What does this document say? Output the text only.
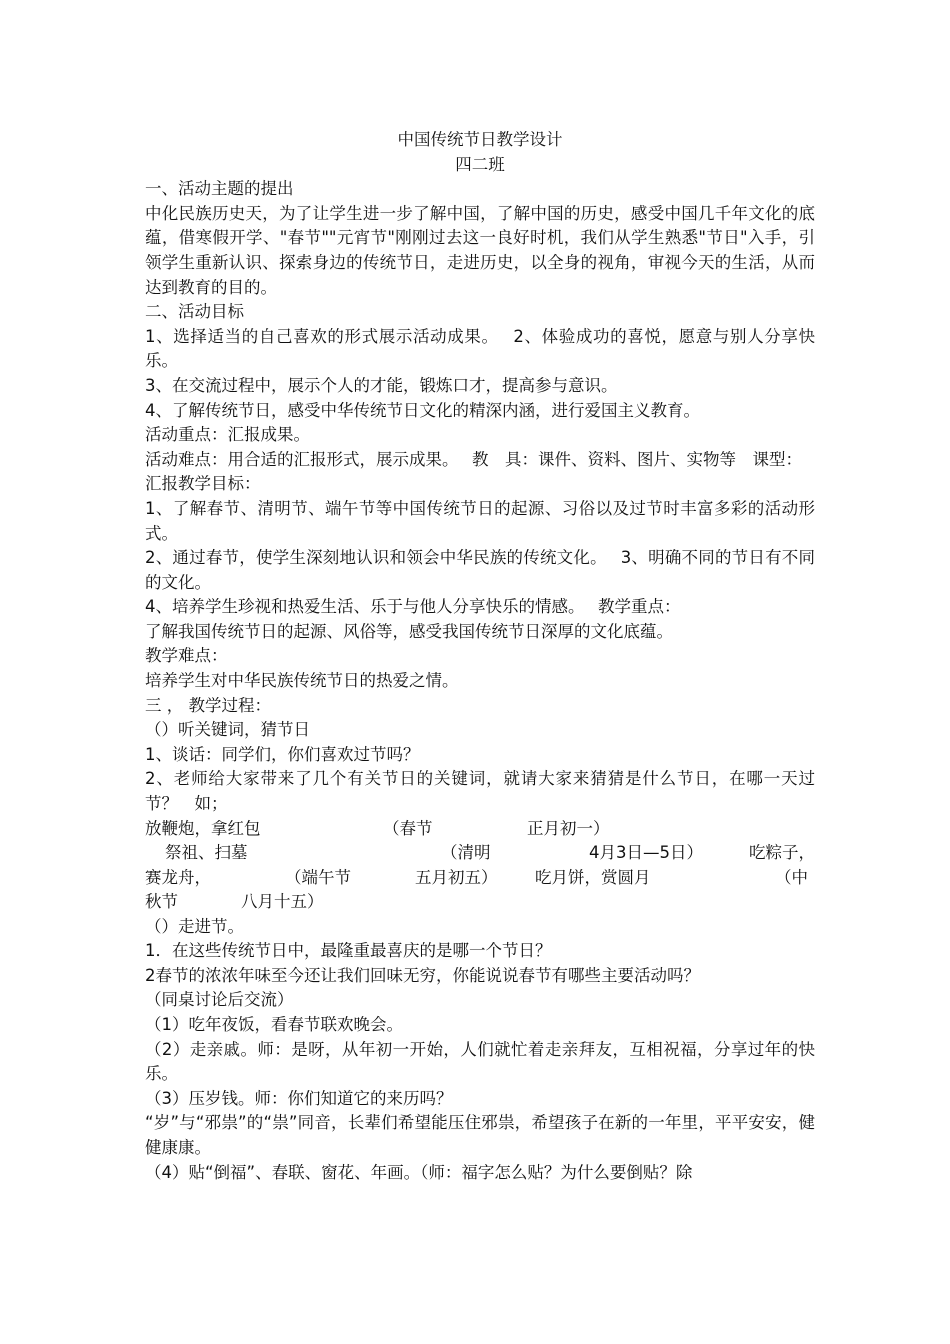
中国传统节日教学设计
四二班
一、活动主题的提出

中化民族历史天，为了让学生进一步了解中国，了解中国的历史，感受中国几千年文化的底蕴，借寒假开学、"春节""元宵节"刚刚过去这一良好时机，我们从学生熟悉"节日"入手，引领学生重新认识、探索身边的传统节日，走进历史，以全身的视角，审视今天的生活，从而达到教育的目的。

二、活动目标

1、选择适当的自己喜欢的形式展示活动成果。　 2、体验成功的喜悦，愿意与别人分享快乐。

3、在交流过程中，展示个人的才能，锻炼口才，提高参与意识。

4、了解传统节日，感受中华传统节日文化的精深内涵，进行爱国主义教育。

活动重点：汇报成果。

活动难点：用合适的汇报形式，展示成果。　 教　具：课件、资料、图片、实物等　课型：

汇报教学目标：

1、了解春节、清明节、端午节等中国传统节日的起源、习俗以及过节时丰富多彩的活动形式。

2、通过春节，使学生深刻地认识和领会中华民族的传统文化。　 3、明确不同的节日有不同的文化。

4、培养学生珍视和热爱生活、乐于与他人分享快乐的情感。　 教学重点：

了解我国传统节日的起源、风俗等，感受我国传统节日深厚的文化底蕴。

教学难点：

培养学生对中华民族传统节日的热爱之情。

三 ， 教学过程：
（）听关键词，猜节日

1、谈话：同学们，你们喜欢过节吗？

2、老师给大家带来了几个有关节日的关键词，就请大家来猜猜是什么节日，在哪一天过节？　如；

放鞭炮，拿红包	（春节	正月初一）
祭祖、扫墓	（清明	4月3日—5日）	吃粽子，
赛龙舟，	（端午节	五月初五） 吃月饼，赏圆月	（中
秋节	八月十五）
（）走进节。

1．在这些传统节日中，最隆重最喜庆的是哪一个节日？

2春节的浓浓年味至今还让我们回味无穷，你能说说春节有哪些主要活动吗？

（同桌讨论后交流）

（1）吃年夜饭，看春节联欢晚会。

（2）走亲戚。师：是呀，从年初一开始，人们就忙着走亲拜友，互相祝福，分享过年的快乐。

（3）压岁钱。师：你们知道它的来历吗？

“岁”与“邪祟”的“祟”同音，长辈们希望能压住邪祟，希望孩子在新的一年里，平平安安，健健康康。

（4）贴“倒福”、春联、窗花、年画。（师：福字怎么贴？为什么要倒贴？除
